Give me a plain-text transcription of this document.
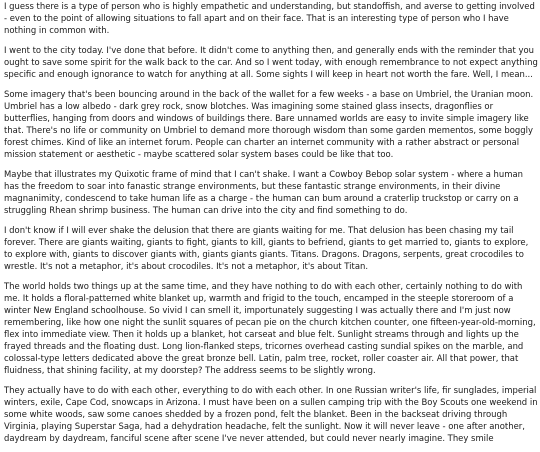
I guess there is a type of person who is highly empathetic and understanding, but standoffish, and averse to getting involved - even to the point of allowing situations to fall apart and on their face. That is an interesting type of person who I have nothing in common with.

I went to the city today. I've done that before. It didn't come to anything then, and generally ends with the reminder that you ought to save some spirit for the walk back to the car. And so I went today, with enough remembrance to not expect anything specific and enough ignorance to watch for anything at all. Some sights I will keep in heart not worth the fare. Well, I mean...

Some imagery that's been bouncing around in the back of the wallet for a few weeks - a base on Umbriel, the Uranian moon. Umbriel has a low albedo - dark grey rock, snow blotches. Was imagining some stained glass insects, dragonflies or butterflies, hanging from doors and windows of buildings there. Bare unnamed worlds are easy to invite simple imagery like that. There's no life or community on Umbriel to demand more thorough wisdom than some garden mementos, some boggly forest chimes. Kind of like an internet forum. People can charter an internet community with a rather abstract or personal mission statement or aesthetic - maybe scattered solar system bases could be like that too.

Maybe that illustrates my Quixotic frame of mind that I can't shake. I want a Cowboy Bebop solar system - where a human has the freedom to soar into fanastic strange environments, but these fantastic strange environments, in their divine magnanimity, condescend to take human life as a charge - the human can bum around a craterlip truckstop or carry on a struggling Rhean shrimp business. The human can drive into the city and find something to do.

I don't know if I will ever shake the delusion that there are giants waiting for me. That delusion has been chasing my tail forever. There are giants waiting, giants to fight, giants to kill, giants to befriend, giants to get married to, giants to explore, to explore with, giants to discover giants with, giants giants giants. Titans. Dragons. Dragons, serpents, great crocodiles to wrestle. It's not a metaphor, it's about crocodiles. It's not a metaphor, it's about Titan.

The world holds two things up at the same time, and they have nothing to do with each other, certainly nothing to do with me. It holds a floral-patterned white blanket up, warmth and frigid to the touch, encamped in the steeple storeroom of a winter New England schoolhouse. So vivid I can smell it, importunately suggesting I was actually there and I'm just now remembering, like how one night the sunlit squares of pecan pie on the church kitchen counter, one fifteen-year-old-morning, flex into immediate view. Then it holds up a blanket, hot carseat and blue felt. Sunlight streams through and lights up the frayed threads and the floating dust. Long lion-flanked steps, tricornes overhead casting sundial spikes on the marble, and colossal-type letters dedicated above the great bronze bell. Latin, palm tree, rocket, roller coaster air. All that power, that fluidness, that shining facility, at my doorstep? The address seems to be slightly wrong.

They actually have to do with each other, everything to do with each other. In one Russian writer's life, fir sunglades, imperial winters, exile, Cape Cod, snowcaps in Arizona. I must have been on a sullen camping trip with the Boy Scouts one weekend in some white woods, saw some canoes shedded by a frozen pond, felt the blanket. Been in the backseat driving through Virginia, playing Superstar Saga, had a dehydration headache, felt the sunlight. Now it will never leave - one after another, daydream by daydream, fanciful scene after scene I've never attended, but could never nearly imagine. They smile
